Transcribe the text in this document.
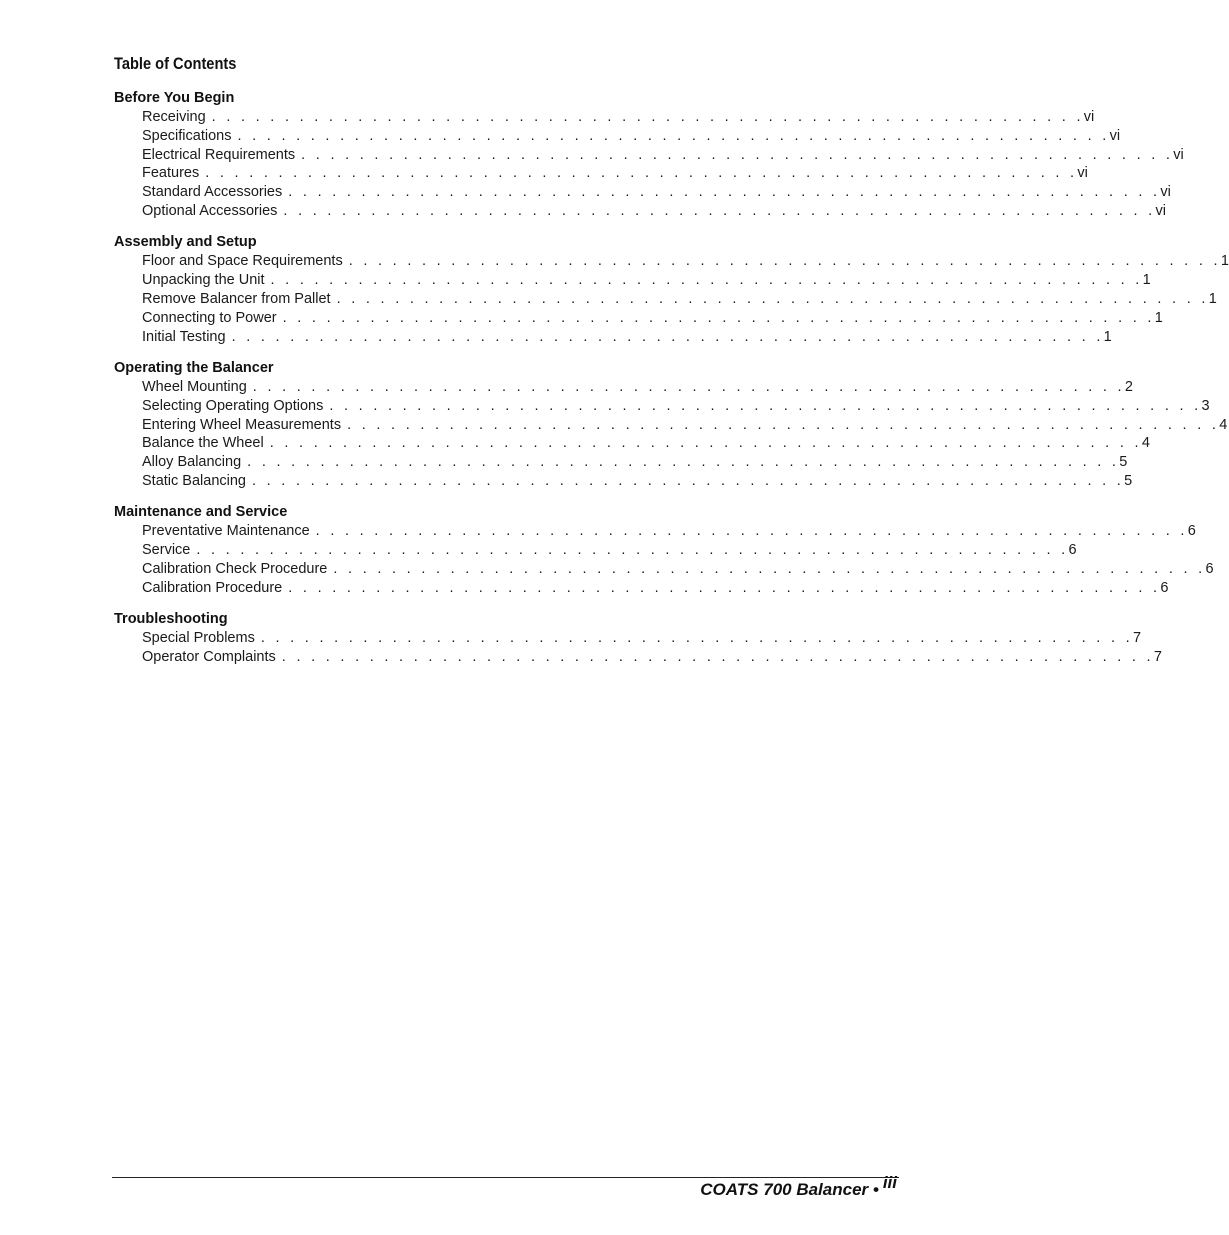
Table of Contents
Before You Begin
Receiving . . . . . . . . . . . . . . . . . . . . . . . . . . . . . . . . . . . . . . . . . . . . . . . . . . . . . . . . . . . . vi
Specifications . . . . . . . . . . . . . . . . . . . . . . . . . . . . . . . . . . . . . . . . . . . . . . . . . . . . . . . . . . . . vi
Electrical Requirements . . . . . . . . . . . . . . . . . . . . . . . . . . . . . . . . . . . . . . . . . . . . . . . . . . . . . . . . . . . . vi
Features . . . . . . . . . . . . . . . . . . . . . . . . . . . . . . . . . . . . . . . . . . . . . . . . . . . . . . . . . . . . vi
Standard Accessories . . . . . . . . . . . . . . . . . . . . . . . . . . . . . . . . . . . . . . . . . . . . . . . . . . . . . . . . . . . . vi
Optional Accessories . . . . . . . . . . . . . . . . . . . . . . . . . . . . . . . . . . . . . . . . . . . . . . . . . . . . . . . . . . . . vi
Assembly and Setup
Floor and Space Requirements . . . . . . . . . . . . . . . . . . . . . . . . . . . . . . . . . . . . . . . . . . . . . . . . . . . . . . . . . . . . 1
Unpacking the Unit . . . . . . . . . . . . . . . . . . . . . . . . . . . . . . . . . . . . . . . . . . . . . . . . . . . . . . . . . . . . 1
Remove Balancer from Pallet . . . . . . . . . . . . . . . . . . . . . . . . . . . . . . . . . . . . . . . . . . . . . . . . . . . . . . . . . . . . 1
Connecting to Power . . . . . . . . . . . . . . . . . . . . . . . . . . . . . . . . . . . . . . . . . . . . . . . . . . . . . . . . . . . . 1
Initial Testing . . . . . . . . . . . . . . . . . . . . . . . . . . . . . . . . . . . . . . . . . . . . . . . . . . . . . . . . . . . . 1
Operating the Balancer
Wheel Mounting . . . . . . . . . . . . . . . . . . . . . . . . . . . . . . . . . . . . . . . . . . . . . . . . . . . . . . . . . . . . 2
Selecting Operating Options . . . . . . . . . . . . . . . . . . . . . . . . . . . . . . . . . . . . . . . . . . . . . . . . . . . . . . . . . . . . 3
Entering Wheel Measurements . . . . . . . . . . . . . . . . . . . . . . . . . . . . . . . . . . . . . . . . . . . . . . . . . . . . . . . . . . . . 4
Balance the Wheel . . . . . . . . . . . . . . . . . . . . . . . . . . . . . . . . . . . . . . . . . . . . . . . . . . . . . . . . . . . . 4
Alloy Balancing . . . . . . . . . . . . . . . . . . . . . . . . . . . . . . . . . . . . . . . . . . . . . . . . . . . . . . . . . . . . 5
Static Balancing . . . . . . . . . . . . . . . . . . . . . . . . . . . . . . . . . . . . . . . . . . . . . . . . . . . . . . . . . . . . 5
Maintenance and Service
Preventative Maintenance . . . . . . . . . . . . . . . . . . . . . . . . . . . . . . . . . . . . . . . . . . . . . . . . . . . . . . . . . . . . 6
Service . . . . . . . . . . . . . . . . . . . . . . . . . . . . . . . . . . . . . . . . . . . . . . . . . . . . . . . . . . . . 6
Calibration Check Procedure . . . . . . . . . . . . . . . . . . . . . . . . . . . . . . . . . . . . . . . . . . . . . . . . . . . . . . . . . . . . 6
Calibration Procedure . . . . . . . . . . . . . . . . . . . . . . . . . . . . . . . . . . . . . . . . . . . . . . . . . . . . . . . . . . . . 6
Troubleshooting
Special Problems . . . . . . . . . . . . . . . . . . . . . . . . . . . . . . . . . . . . . . . . . . . . . . . . . . . . . . . . . . . . 7
Operator Complaints . . . . . . . . . . . . . . . . . . . . . . . . . . . . . . . . . . . . . . . . . . . . . . . . . . . . . . . . . . . . 7
COATS 700 Balancer • iii
